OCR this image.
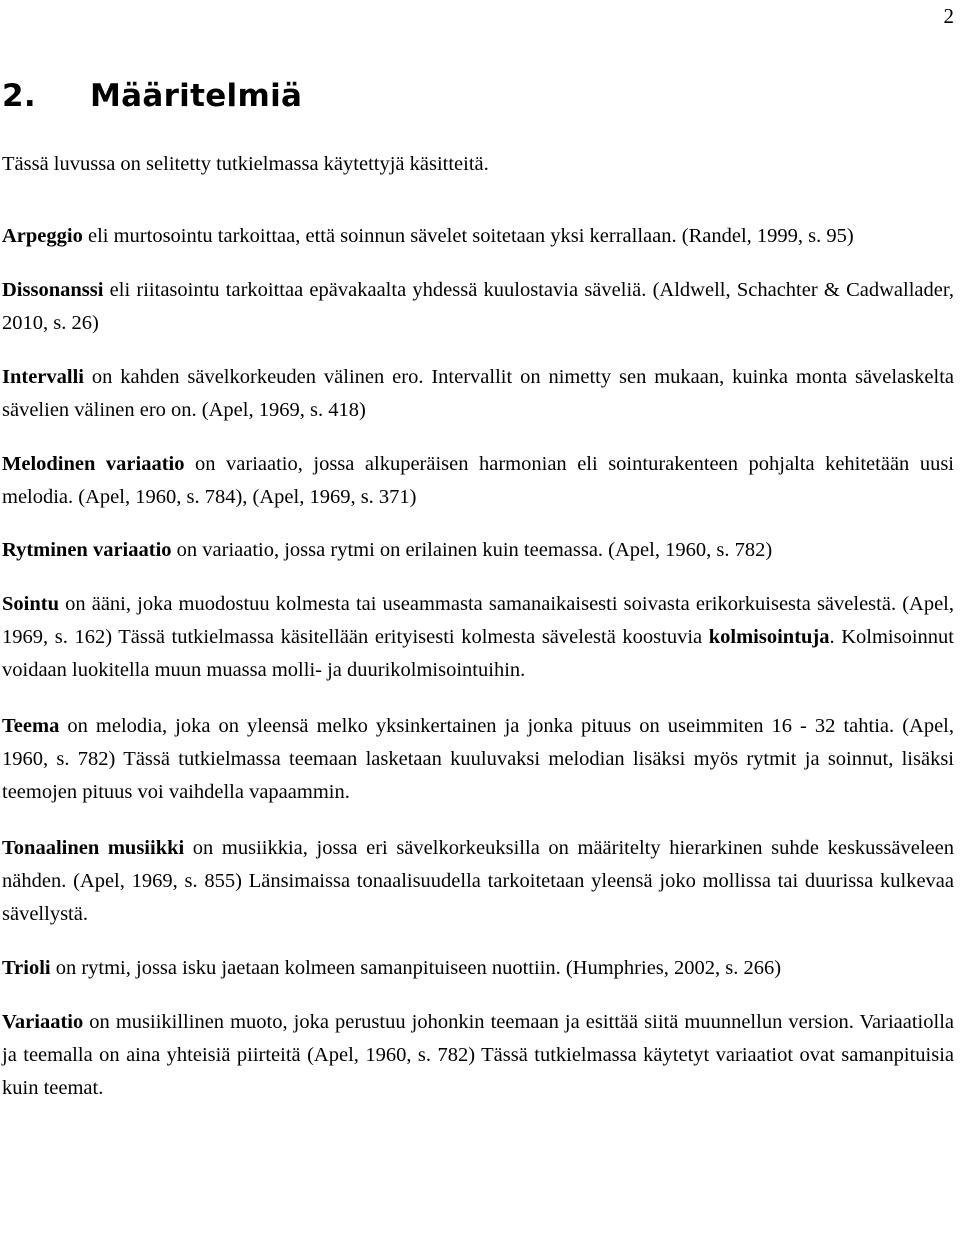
2
2. Määritelmiä

Tässä luvussa on selitetty tutkielmassa käytettyjä käsitteitä.

Arpeggio eli murtosointu tarkoittaa, että soinnun sävelet soitetaan yksi kerrallaan. (Randel, 1999, s. 95)

Dissonanssi eli riitasointu tarkoittaa epävakaalta yhdessä kuulostavia säveliä. (Aldwell, Schachter & Cadwallader, 2010, s. 26)

Intervalli on kahden sävelkorkeuden välinen ero. Intervallit on nimetty sen mukaan, kuinka monta sävelaskelta sävelien välinen ero on. (Apel, 1969, s. 418)

Melodinen variaatio on variaatio, jossa alkuperäisen harmonian eli sointurakenteen pohjalta kehitetään uusi melodia. (Apel, 1960, s. 784), (Apel, 1969, s. 371)

Rytminen variaatio on variaatio, jossa rytmi on erilainen kuin teemassa. (Apel, 1960, s. 782)

Sointu on ääni, joka muodostuu kolmesta tai useammasta samanaikaisesti soivasta erikorkuisesta sävelestä. (Apel, 1969, s. 162) Tässä tutkielmassa käsitellään erityisesti kolmesta sävelestä koostuvia kolmisointuja. Kolmisoinnut voidaan luokitella muun muassa molli- ja duurikolmisointuihin.

Teema on melodia, joka on yleensä melko yksinkertainen ja jonka pituus on useimmiten 16 - 32 tahtia. (Apel, 1960, s. 782) Tässä tutkielmassa teemaan lasketaan kuuluvaksi melodian lisäksi myös rytmit ja soinnut, lisäksi teemojen pituus voi vaihdella vapaammin.

Tonaalinen musiikki on musiikkia, jossa eri sävelkorkeuksilla on määritelty hierarkinen suhde keskussäveleen nähden. (Apel, 1969, s. 855) Länsimaissa tonaalisuudella tarkoitetaan yleensä joko mollissa tai duurissa kulkevaa sävellystä.

Trioli on rytmi, jossa isku jaetaan kolmeen samanpituiseen nuottiin. (Humphries, 2002, s. 266)

Variaatio on musiikillinen muoto, joka perustuu johonkin teemaan ja esittää siitä muunnellun version. Variaatiolla ja teemalla on aina yhteisiä piirteitä (Apel, 1960, s. 782) Tässä tutkielmassa käytetyt variaatiot ovat samanpituisia kuin teemat.
